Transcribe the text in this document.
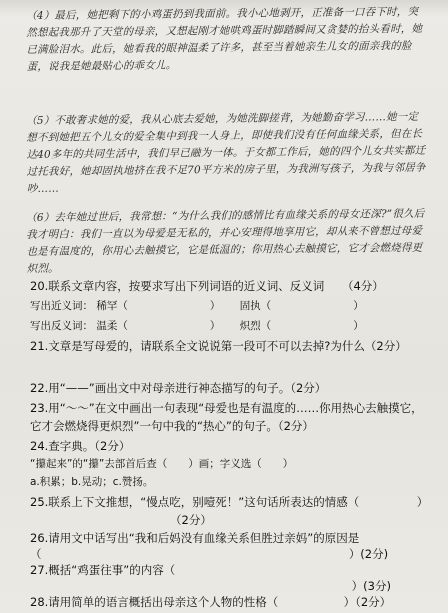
（4）最后，她把剩下的小鸡蛋扔到我面前。我小心地剥开，正准备一口吞下时，突然想起我那升了天堂的母亲，又想起刚才她哄鸡蛋时脚踏瞬间又贪婪的抬头看时，她已满脸泪水。此后，她看我的眼神温柔了许多，甚至当着她亲生儿女的面亲我的脸蛋，说我是她最贴心的乖女儿。
（5）不敢奢求她的爱，我从心底去爱她，为她洗脚搓背，为她勤奋学习……她一定想不到她把五个儿女的爱全集中到我一人身上，即使我们没有任何血缘关系，但在长达40多年的共同生活中，我们早已融为一体。于女都工作后，她的四个儿女共实都迁过托我好，她却固执地挤在我不足70平方米的房子里，为我洲写孩子，为我与邻居争吵……
（6）去年她过世后，我常想：“为什么我们的感情比有血缘关系的母女还深?”很久后我才明白：我们一直以为母爱是无私的，并心安理得地享用它，却从来不曾想过母爱也是有温度的，你用心去触摸它，它是低温的；你用热心去触摸它，它才会燃烧得更炽烈。
20.联系文章内容，按要求写出下列词语的近义词、反义词 （4分）
写出近义词： 稀罕（	） 固执（	）
写出反义词： 温柔（	） 炽烈（	）
21.文章是写母爱的，请联系全文说说第一段可不可以去掉?为什么（2分）
22.用“——”画出文中对母亲进行神态描写的句子。（2分）
23.用“～～”在文中画出一句表现“母爱也是有温度的……你用热心去触摸它，
它才会燃烧得更炽烈”一句中我的“热心”的句子。（2分）
24.查字典。（2分）
“攥起来”的“攥”去部首后查（　　）画；字义选（　　）
a.积累；b.晃动；c.赞扬。
25.联系上下文推想，“慢点吃，别噎死！”这句话所表达的情感（　　　　　）
（2分）
26.请用文中话写出“我和后妈没有血缘关系但胜过亲妈”的原因是
（	）(2分)
27.概括“鸡蛋往事”的内容（
）(3分)
28.请用简单的语言概括出母亲这个人物的性格（	）（2分）
